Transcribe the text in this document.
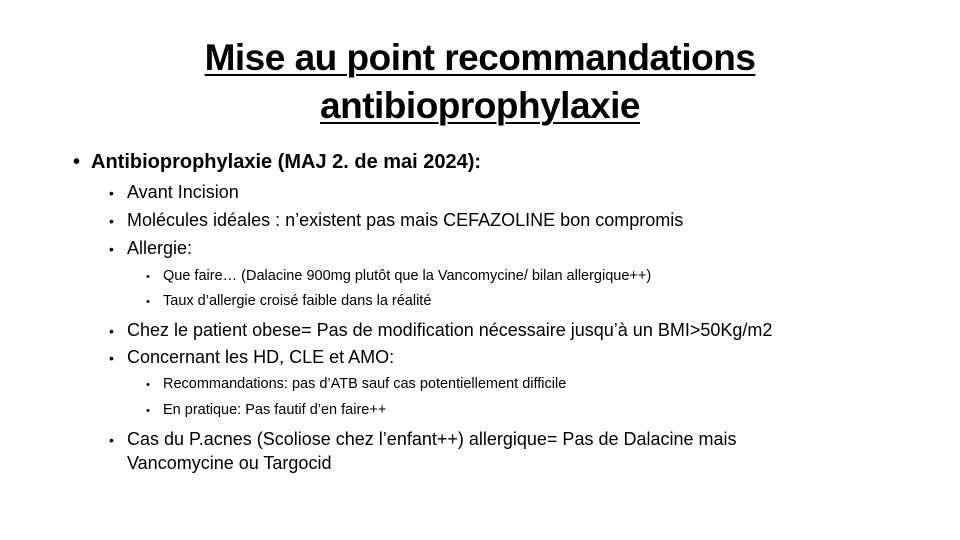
Mise au point recommandations
antibioprophylaxie
• Antibioprophylaxie (MAJ 2. de mai 2024):
• Avant Incision
• Molécules idéales : n’existent pas mais CEFAZOLINE bon compromis
• Allergie:
• Que faire… (Dalacine 900mg plutôt que la Vancomycine/ bilan allergique++)
• Taux d’allergie croisé faible dans la réalité
• Chez le patient obese= Pas de modification nécessaire jusqu’à un BMI>50Kg/m2
• Concernant les HD, CLE et AMO:
• Recommandations: pas d’ATB sauf cas potentiellement difficile
• En pratique: Pas fautif d’en faire++
• Cas du P.acnes (Scoliose chez l’enfant++) allergique= Pas de Dalacine mais
Vancomycine ou Targocid
